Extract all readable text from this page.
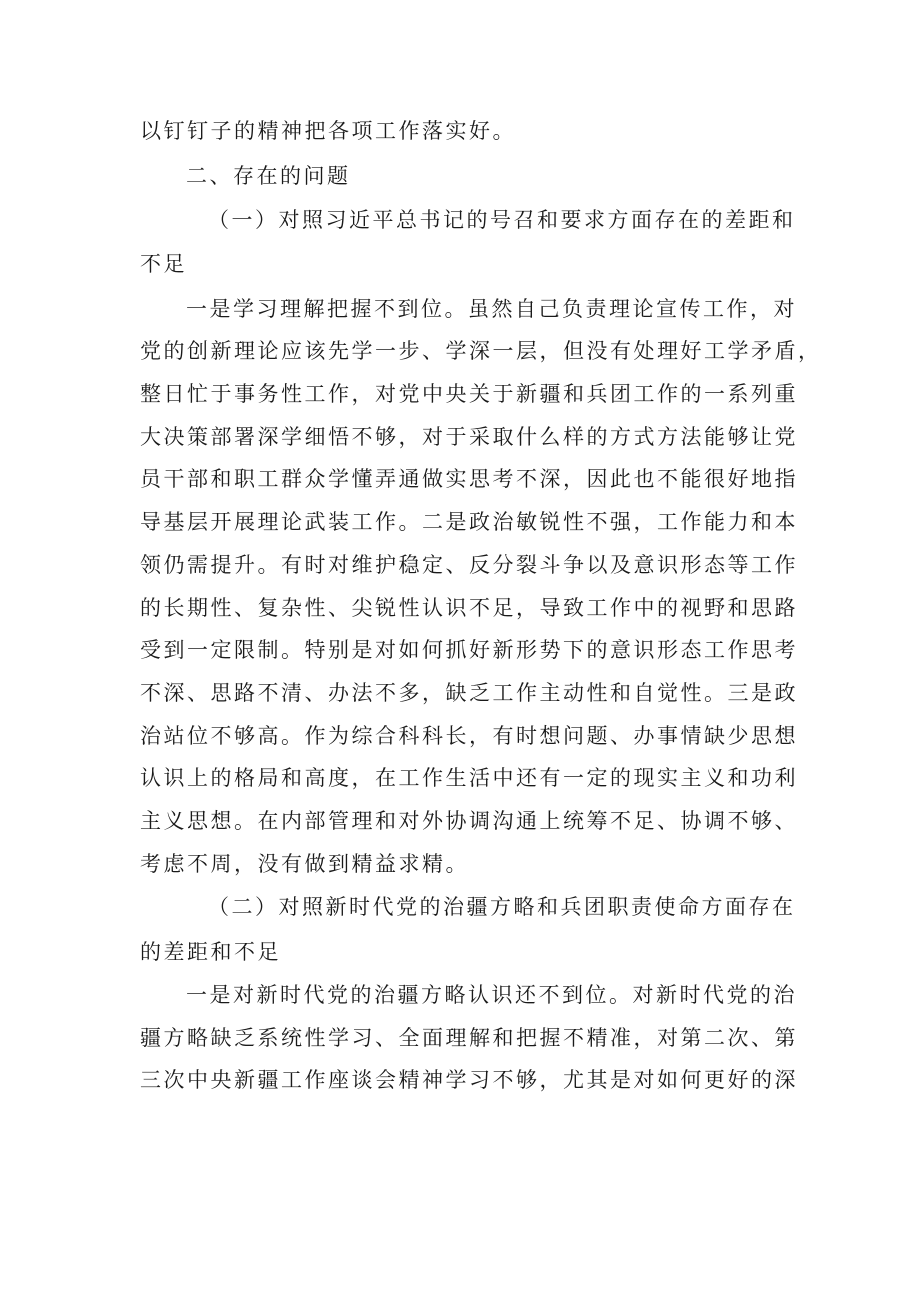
以钉钉子的精神把各项工作落实好。
二、存在的问题
（一）对照习近平总书记的号召和要求方面存在的差距和
不足
一是学习理解把握不到位。虽然自己负责理论宣传工作，对
党的创新理论应该先学一步、学深一层，但没有处理好工学矛盾，
整日忙于事务性工作，对党中央关于新疆和兵团工作的一系列重
大决策部署深学细悟不够，对于采取什么样的方式方法能够让党
员干部和职工群众学懂弄通做实思考不深，因此也不能很好地指
导基层开展理论武装工作。二是政治敏锐性不强，工作能力和本
领仍需提升。有时对维护稳定、反分裂斗争以及意识形态等工作
的长期性、复杂性、尖锐性认识不足，导致工作中的视野和思路
受到一定限制。特别是对如何抓好新形势下的意识形态工作思考
不深、思路不清、办法不多，缺乏工作主动性和自觉性。三是政
治站位不够高。作为综合科科长，有时想问题、办事情缺少思想
认识上的格局和高度，在工作生活中还有一定的现实主义和功利
主义思想。在内部管理和对外协调沟通上统筹不足、协调不够、
考虑不周，没有做到精益求精。
（二）对照新时代党的治疆方略和兵团职责使命方面存在
的差距和不足
一是对新时代党的治疆方略认识还不到位。对新时代党的治
疆方略缺乏系统性学习、全面理解和把握不精准，对第二次、第
三次中央新疆工作座谈会精神学习不够，尤其是对如何更好的深
